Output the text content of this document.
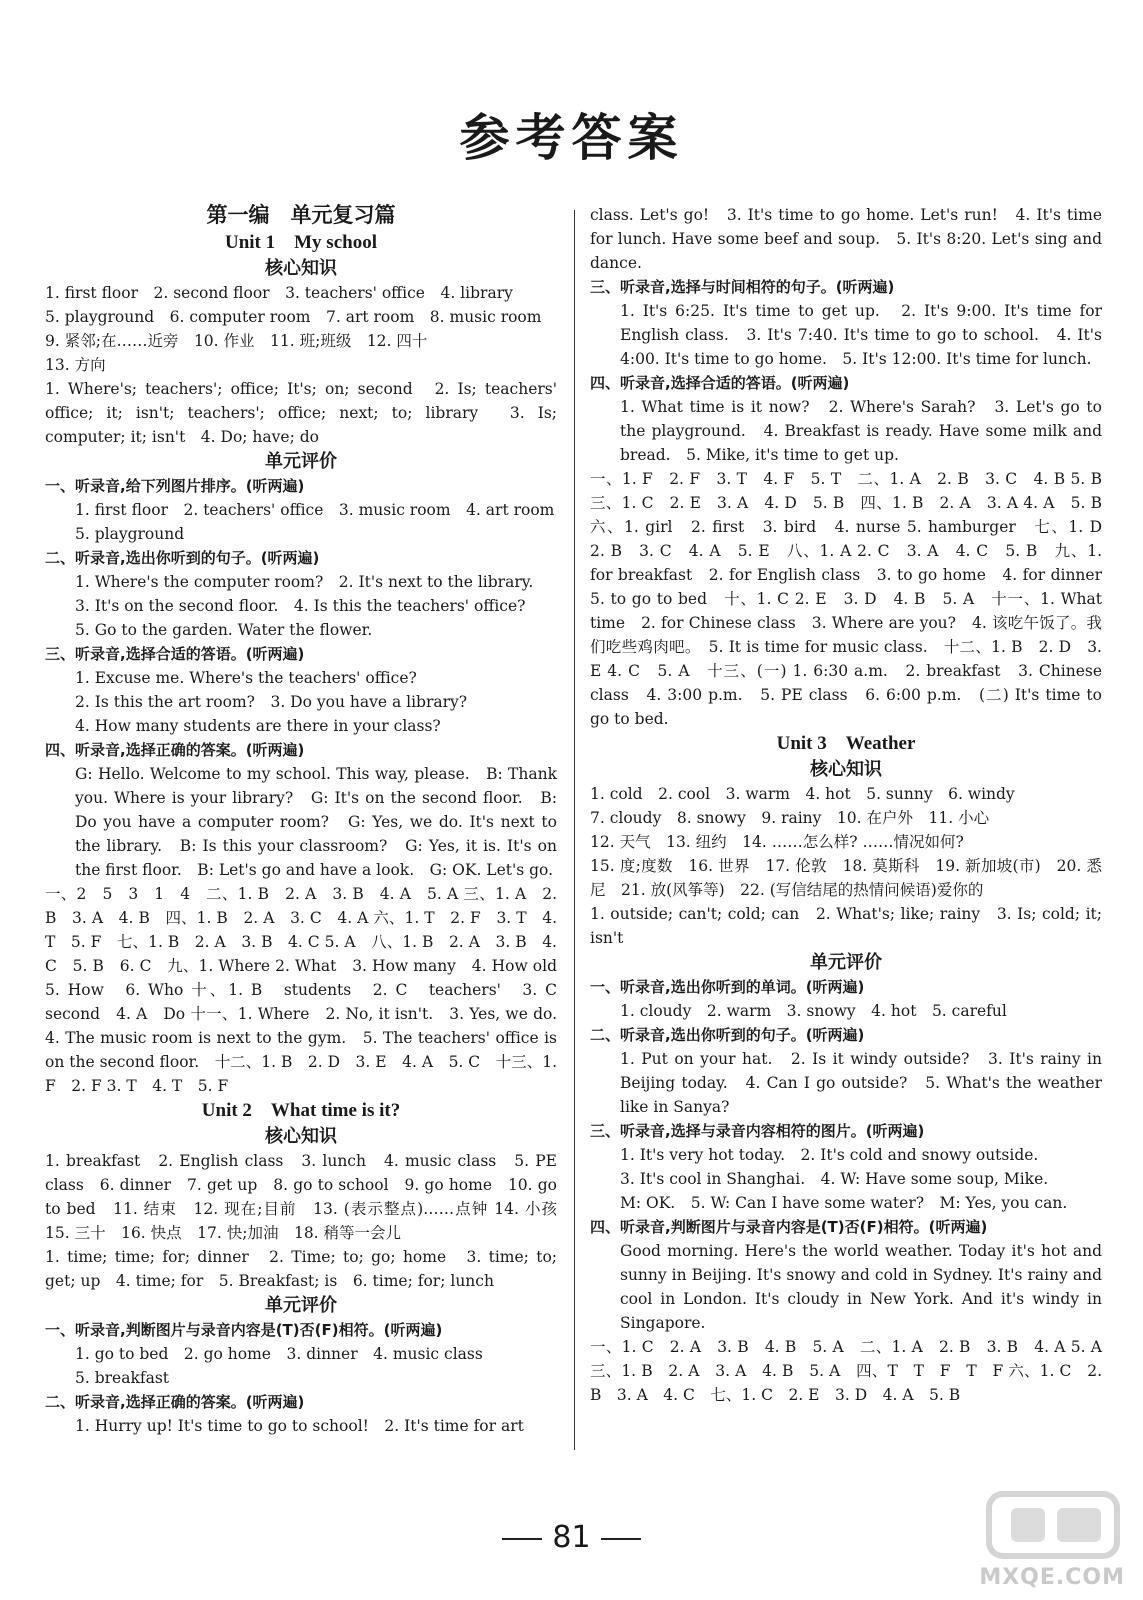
参考答案
第一编　单元复习篇
Unit 1　My school
核心知识

1. first floor　2. second floor　3. teachers' office　4. library

5. playground　6. computer room　7. art room　8. music room

9. 紧邻;在……近旁　10. 作业　11. 班;班级　12. 四十

13. 方向

1. Where's; teachers'; office; It's; on; second　2. Is; teachers' office; it; isn't; teachers'; office; next; to; library　3. Is; computer; it; isn't　4. Do; have; do

单元评价

一、听录音,给下列图片排序。(听两遍)

1. first floor　2. teachers' office　3. music room　4. art room

5. playground

二、听录音,选出你听到的句子。(听两遍)

1. Where's the computer room?　2. It's next to the library.

3. It's on the second floor.　4. Is this the teachers' office?

5. Go to the garden. Water the flower.

三、听录音,选择合适的答语。(听两遍)

1. Excuse me. Where's the teachers' office?

2. Is this the art room?　3. Do you have a library?

4. How many students are there in your class?

四、听录音,选择正确的答案。(听两遍)

G: Hello. Welcome to my school. This way, please.　B: Thank you. Where is your library?　G: It's on the second floor.　B: Do you have a computer room?　G: Yes, we do. It's next to the library.　B: Is this your classroom?　G: Yes, it is. It's on the first floor.　B: Let's go and have a look.　G: OK. Let's go.

一、2　5　3　1　4　二、1. B　2. A　3. B　4. A　5. A 三、1. A　2. B　3. A　4. B　四、1. B　2. A　3. C　4. A 六、1. T　2. F　3. T　4. T　5. F　七、1. B　2. A　3. B　4. C 5. A　八、1. B　2. A　3. B　4. C　5. B　6. C　九、1. Where 2. What　3. How many　4. How old　5. How　6. Who 十、1. B　students　2. C　teachers'　3. C　second　4. A　Do 十一、1. Where　2. No, it isn't.　3. Yes, we do.　4. The music room is next to the gym.　5. The teachers' office is on the second floor.　十二、1. B　2. D　3. E　4. A　5. C　十三、1. F　2. F 3. T　4. T　5. F

Unit 2　What time is it?
核心知识

1. breakfast　2. English class　3. lunch　4. music class　5. PE class　6. dinner　7. get up　8. go to school　9. go home　10. go to bed　11. 结束　12. 现在;目前　13. (表示整点)……点钟 14. 小孩　15. 三十　16. 快点　17. 快;加油　18. 稍等一会儿

1. time; time; for; dinner　2. Time; to; go; home　3. time; to; get; up　4. time; for　5. Breakfast; is　6. time; for; lunch

单元评价

一、听录音,判断图片与录音内容是(T)否(F)相符。(听两遍)

1. go to bed　2. go home　3. dinner　4. music class

5. breakfast

二、听录音,选择正确的答案。(听两遍)

1. Hurry up! It's time to go to school!　2. It's time for art

class. Let's go!　3. It's time to go home. Let's run!　4. It's time for lunch. Have some beef and soup.　5. It's 8:20. Let's sing and dance.

三、听录音,选择与时间相符的句子。(听两遍)

1. It's 6:25. It's time to get up.　2. It's 9:00. It's time for English class.　3. It's 7:40. It's time to go to school.　4. It's 4:00. It's time to go home.　5. It's 12:00. It's time for lunch.

四、听录音,选择合适的答语。(听两遍)

1. What time is it now?　2. Where's Sarah?　3. Let's go to the playground.　4. Breakfast is ready. Have some milk and bread.　5. Mike, it's time to get up.

一、1. F　2. F　3. T　4. F　5. T　二、1. A　2. B　3. C　4. B 5. B　三、1. C　2. E　3. A　4. D　5. B　四、1. B　2. A　3. A 4. A　5. B　六、1. girl　2. first　3. bird　4. nurse 5. hamburger　七、1. D　2. B　3. C　4. A　5. E　八、1. A 2. C　3. A　4. C　5. B　九、1. for breakfast　2. for English class　3. to go home　4. for dinner　5. to go to bed　十、1. C 2. E　3. D　4. B　5. A　十一、1. What time　2. for Chinese class　3. Where are you?　4. 该吃午饭了。我们吃些鸡肉吧。　5. It is time for music class.　十二、1. B　2. D　3. E 4. C　5. A　十三、(一) 1. 6:30 a.m.　2. breakfast　3. Chinese class　4. 3:00 p.m.　5. PE class　6. 6:00 p.m.　(二) It's time to go to bed.

Unit 3　Weather
核心知识

1. cold　2. cool　3. warm　4. hot　5. sunny　6. windy

7. cloudy　8. snowy　9. rainy　10. 在户外　11. 小心

12. 天气　13. 纽约　14. ……怎么样? ……情况如何?

15. 度;度数　16. 世界　17. 伦敦　18. 莫斯科　19. 新加坡(市)　20. 悉尼　21. 放(风筝等)　22. (写信结尾的热情问候语)爱你的

1. outside; can't; cold; can　2. What's; like; rainy　3. Is; cold; it; isn't

单元评价

一、听录音,选出你听到的单词。(听两遍)

1. cloudy　2. warm　3. snowy　4. hot　5. careful

二、听录音,选出你听到的句子。(听两遍)

1. Put on your hat.　2. Is it windy outside?　3. It's rainy in Beijing today.　4. Can I go outside?　5. What's the weather like in Sanya?

三、听录音,选择与录音内容相符的图片。(听两遍)

1. It's very hot today.　2. It's cold and snowy outside.

3. It's cool in Shanghai.　4. W: Have some soup, Mike.

M: OK.　5. W: Can I have some water?　M: Yes, you can.

四、听录音,判断图片与录音内容是(T)否(F)相符。(听两遍)

Good morning. Here's the world weather. Today it's hot and sunny in Beijing. It's snowy and cold in Sydney. It's rainy and cool in London. It's cloudy in New York. And it's windy in Singapore.

一、1. C　2. A　3. B　4. B　5. A　二、1. A　2. B　3. B　4. A 5. A　三、1. B　2. A　3. A　4. B　5. A　四、T　T　F　T　F 六、1. C　2. B　3. A　4. C　七、1. C　2. E　3. D　4. A　5. B

81
MXQE.COM
